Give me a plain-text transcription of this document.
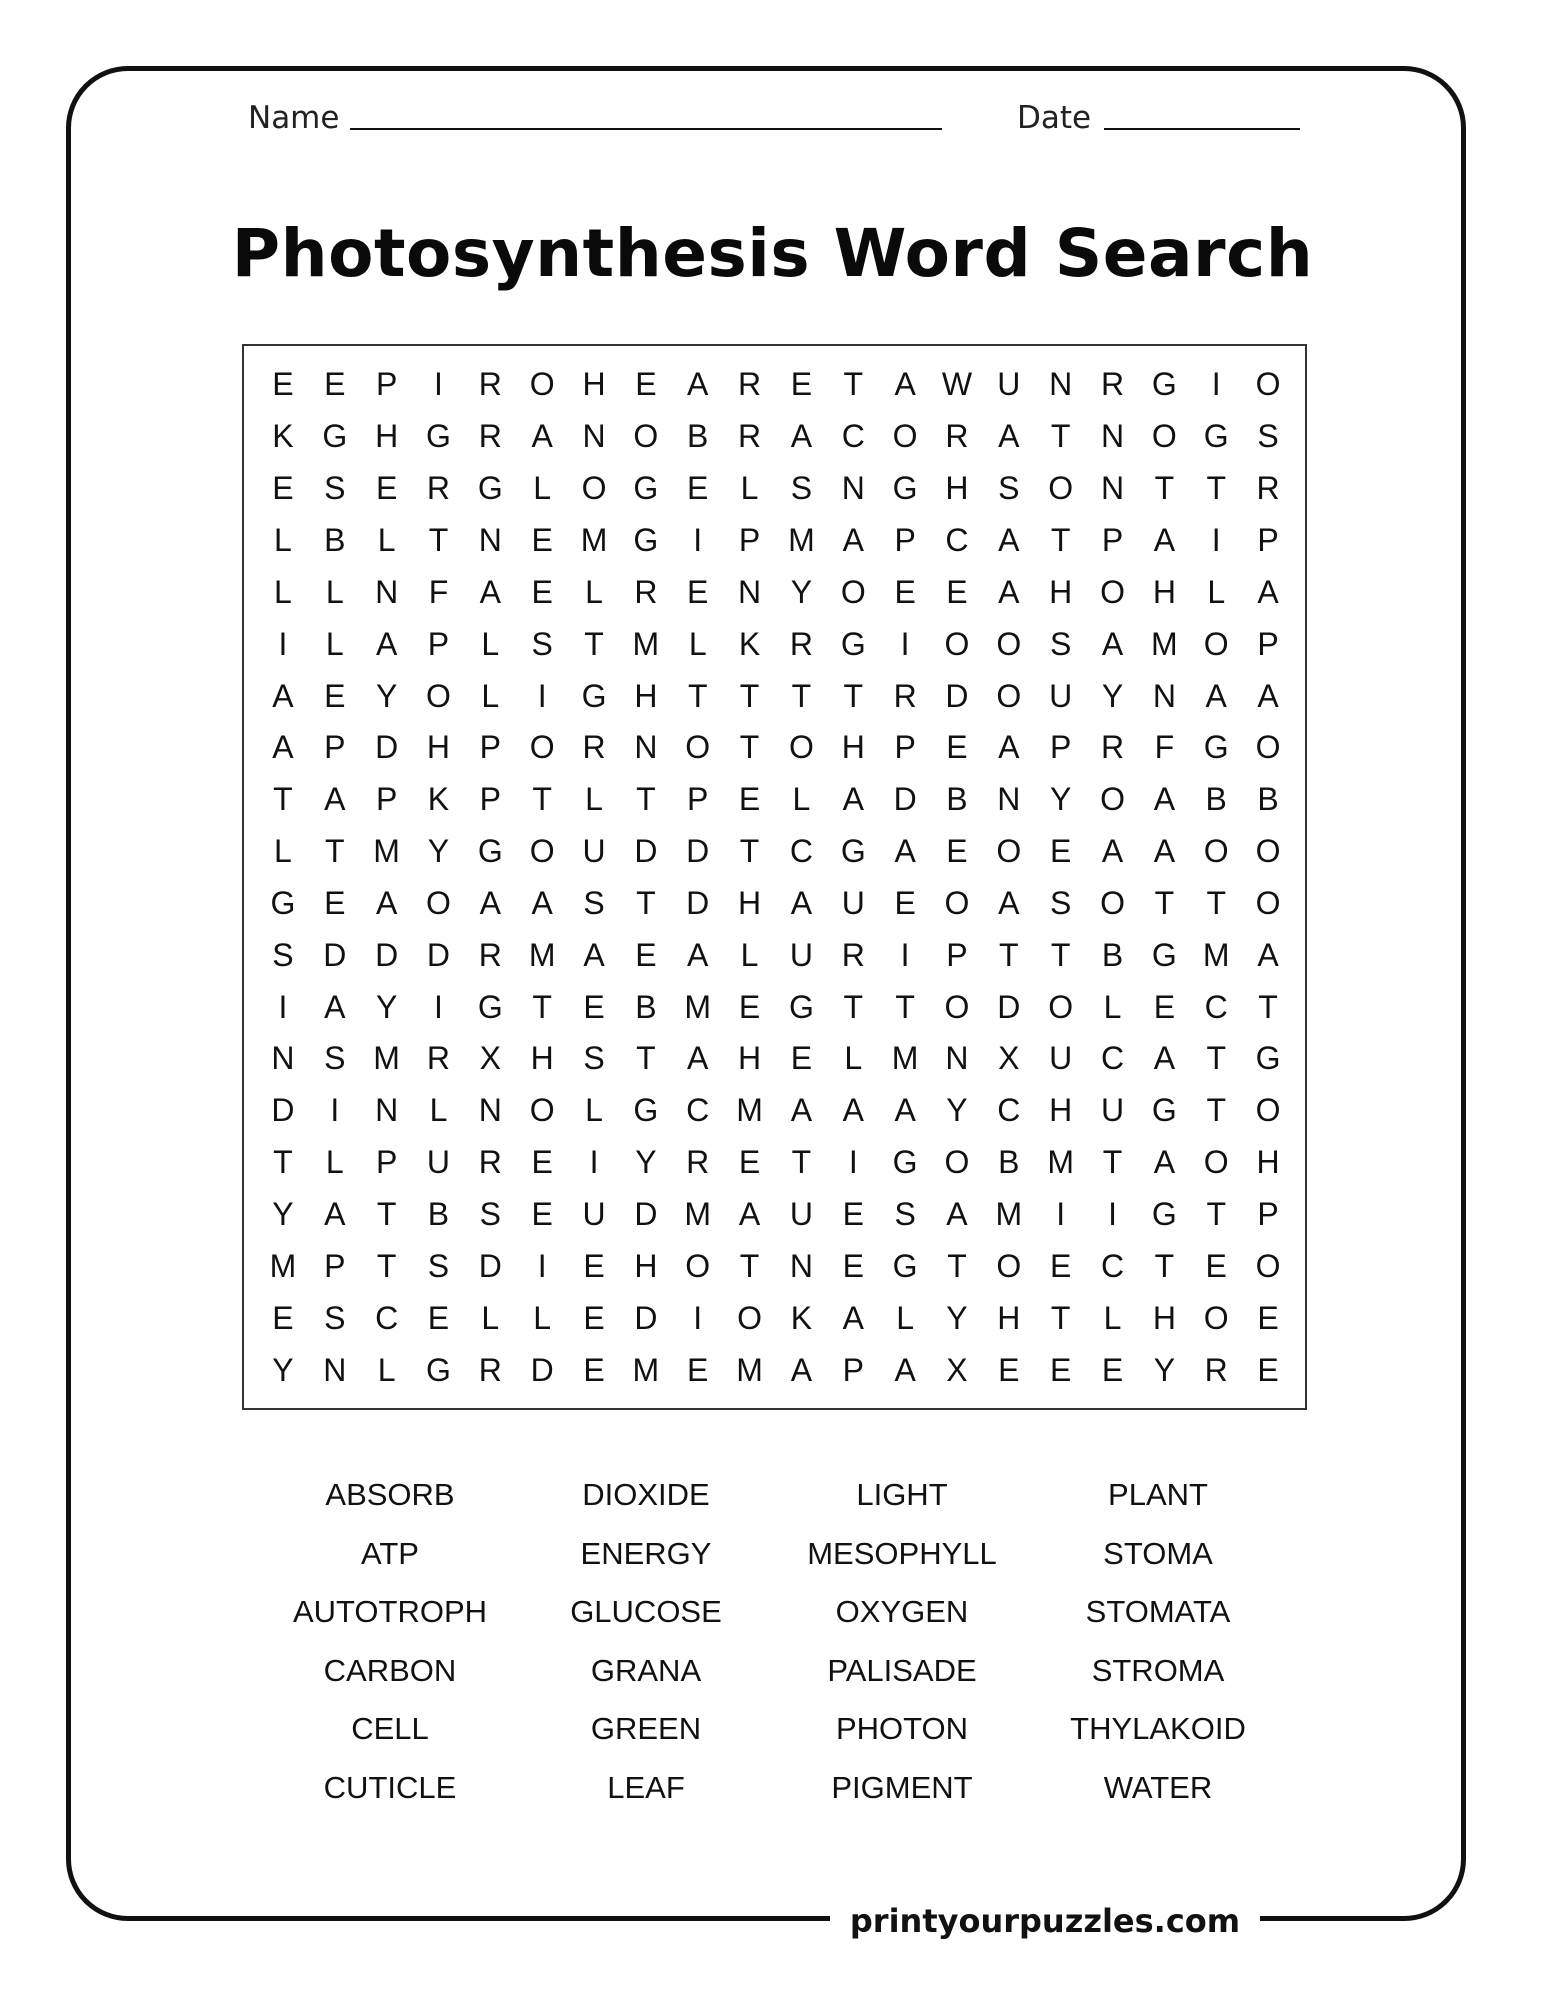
Name	Date
Photosynthesis Word Search
E E P	I	R O H E A R E T A W U N R G	I	O
K G H G R A N O B R A C O R A T N O G S
E S E R G L O G E	L	S N G H S O N T	T R
L	B	L	T N E M G	I	P M A P C A T P A	I	P
L	L N F A E	L R E N Y O E E A H O H L	A
I	L	A P	L	S T M L	K R G	I	O O S A M O P
A E Y O L	I	G H T	T	T	T R D O U Y N A A
A P D H P O R N O T O H P E A P R F G O
T A P K P T	L	T P E	L	A D B N Y O A B B
L	T M Y G O U D D T C G A E O E A A O O
G E A O A A S T D H A U E O A S O T	T O
S D D D R M A E A	L U R	I	P T	T B G M A
I	A Y	I	G T E B M E G T	T O D O L	E C T
N S M R X H S T A H E	L M N X U C A T G
D	I	N L N O L G C M A A A Y C H U G T O
T	L	P U R E	I	Y R E T	I	G O B M T A O H
Y A T B S E U D M A U E S A M	I	I	G T P
M P T S D	I	E H O T N E G T O E C T E O
E S C E	L	L	E D	I	O K A	L	Y H T	L H O E
Y N L G R D E M E M A P A X E E E Y R E
ABSORB	DIOXIDE	LIGHT	PLANT
ATP	ENERGY	MESOPHYLL	STOMA
AUTOTROPH	GLUCOSE	OXYGEN	STOMATA
CARBON	GRANA	PALISADE	STROMA
CELL	GREEN	PHOTON	THYLAKOID
CUTICLE	LEAF	PIGMENT	WATER
printyourpuzzles.com
